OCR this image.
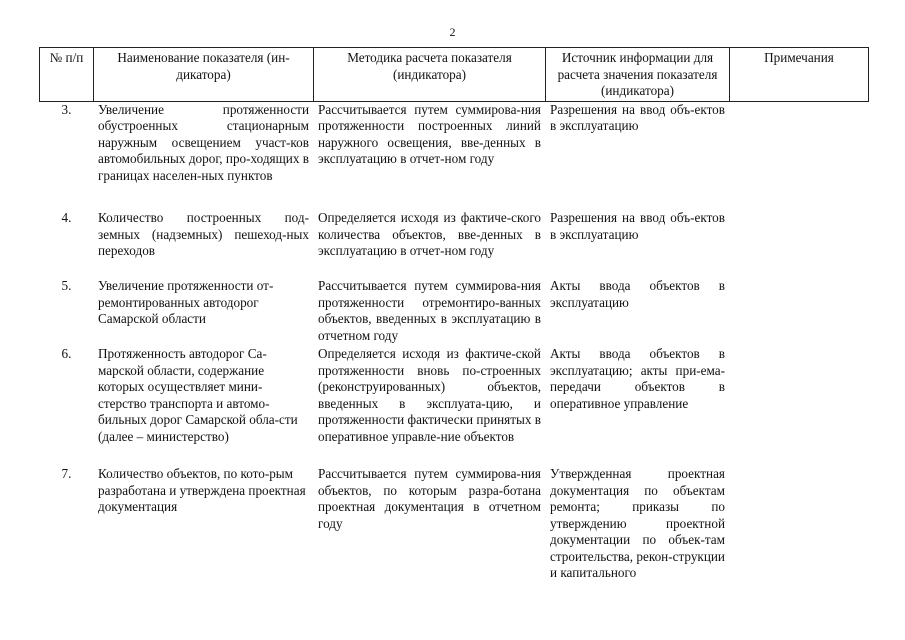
2
№ п/п	Наименование показателя (ин-дикатора)	Методика расчета показателя (индикатора)	Источник информации для расчета значения показателя (индикатора)	Примечания
3.	Увеличение протяженности обустроенных стационарным наружным освещением участ-ков автомобильных дорог, про-ходящих в границах населен-ных пунктов	Рассчитывается путем суммирова-ния протяженности построенных линий наружного освещения, вве-денных в эксплуатацию в отчет-ном году	Разрешения на ввод объ-ектов в эксплуатацию	

4.	Количество построенных под-земных (надземных) пешеход-ных переходов	Определяется исходя из фактиче-ского количества объектов, вве-денных в эксплуатацию в отчет-ном году	Разрешения на ввод объ-ектов в эксплуатацию	
5.	Увеличение протяженности от-ремонтированных автодорог Самарской области	Рассчитывается путем суммирова-ния протяженности отремонтиро-ванных объектов, введенных в эксплуатацию в отчетном году	Акты ввода объектов в эксплуатацию	
6.	Протяженность автодорог Са-марской области, содержание которых осуществляет мини-стерство транспорта и автомо-бильных дорог Самарской обла-сти (далее – министерство)	Определяется исходя из фактиче-ской протяженности вновь по-строенных (реконструированных) объектов, введенных в эксплуата-цию, и протяженности фактически принятых в оперативное управле-ние объектов	Акты ввода объектов в эксплуатацию; акты при-ема-передачи объектов в оперативное управление	
7.	Количество объектов, по кото-рым разработана и утверждена проектная документация	Рассчитывается путем суммирова-ния объектов, по которым разра-ботана проектная документация в отчетном году	Утвержденная проектная документация по объектам ремонта; приказы по утверждению проектной документации по объек-там строительства, рекон-струкции и капитального	
